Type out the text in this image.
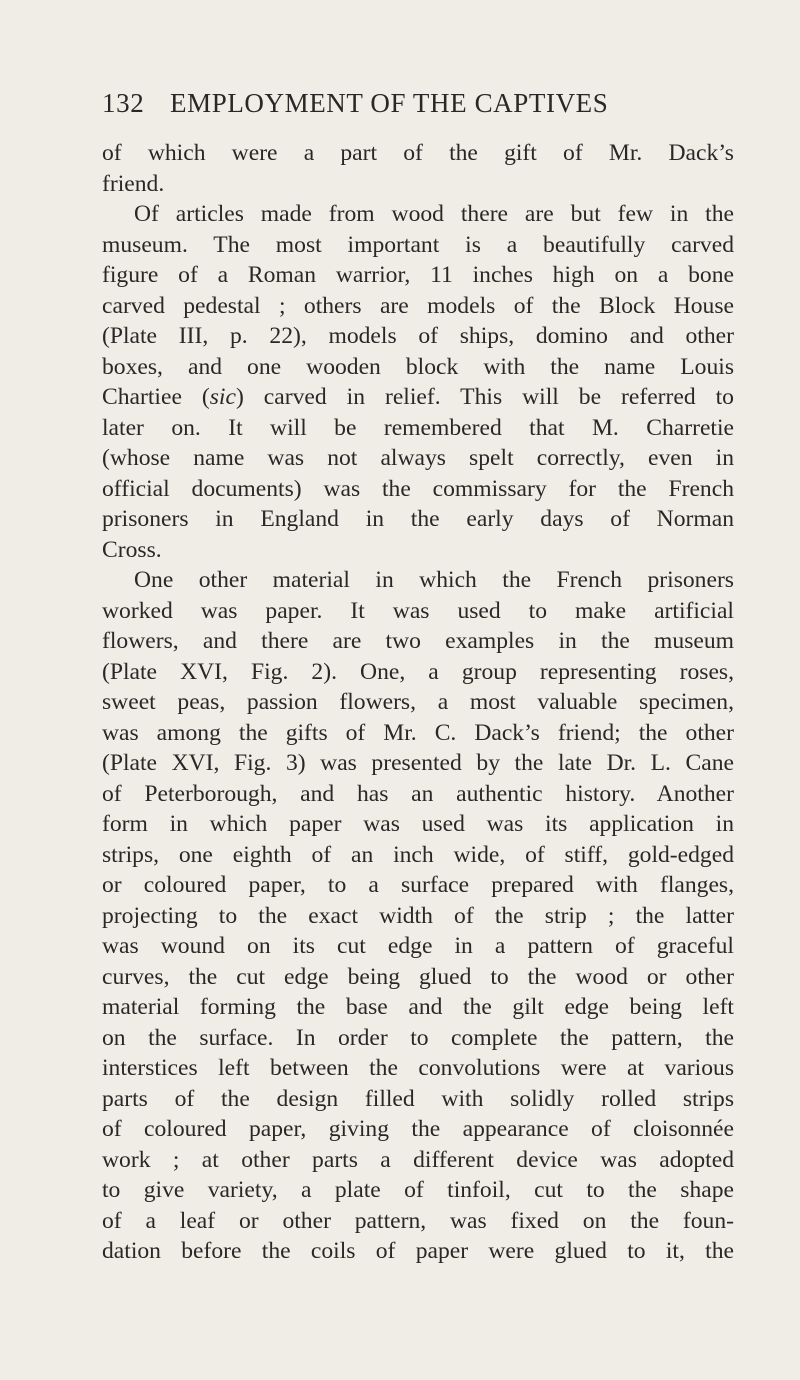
132 EMPLOYMENT OF THE CAPTIVES
of which were a part of the gift of Mr. Dack’s
friend.
Of articles made from wood there are but few in the
museum. The most important is a beautifully carved
figure of a Roman warrior, 11 inches high on a bone
carved pedestal ; others are models of the Block House
(Plate III, p. 22), models of ships, domino and other
boxes, and one wooden block with the name Louis
Chartiee (sic) carved in relief. This will be referred to
later on. It will be remembered that M. Charretie
(whose name was not always spelt correctly, even in
official documents) was the commissary for the French
prisoners in England in the early days of Norman
Cross.
One other material in which the French prisoners
worked was paper. It was used to make artificial
flowers, and there are two examples in the museum
(Plate XVI, Fig. 2). One, a group representing roses,
sweet peas, passion flowers, a most valuable specimen,
was among the gifts of Mr. C. Dack’s friend; the other
(Plate XVI, Fig. 3) was presented by the late Dr. L. Cane
of Peterborough, and has an authentic history. Another
form in which paper was used was its application in
strips, one eighth of an inch wide, of stiff, gold-edged
or coloured paper, to a surface prepared with flanges,
projecting to the exact width of the strip ; the latter
was wound on its cut edge in a pattern of graceful
curves, the cut edge being glued to the wood or other
material forming the base and the gilt edge being left
on the surface. In order to complete the pattern, the
interstices left between the convolutions were at various
parts of the design filled with solidly rolled strips
of coloured paper, giving the appearance of cloisonnée
work ; at other parts a different device was adopted
to give variety, a plate of tinfoil, cut to the shape
of a leaf or other pattern, was fixed on the foun-
dation before the coils of paper were glued to it, the
